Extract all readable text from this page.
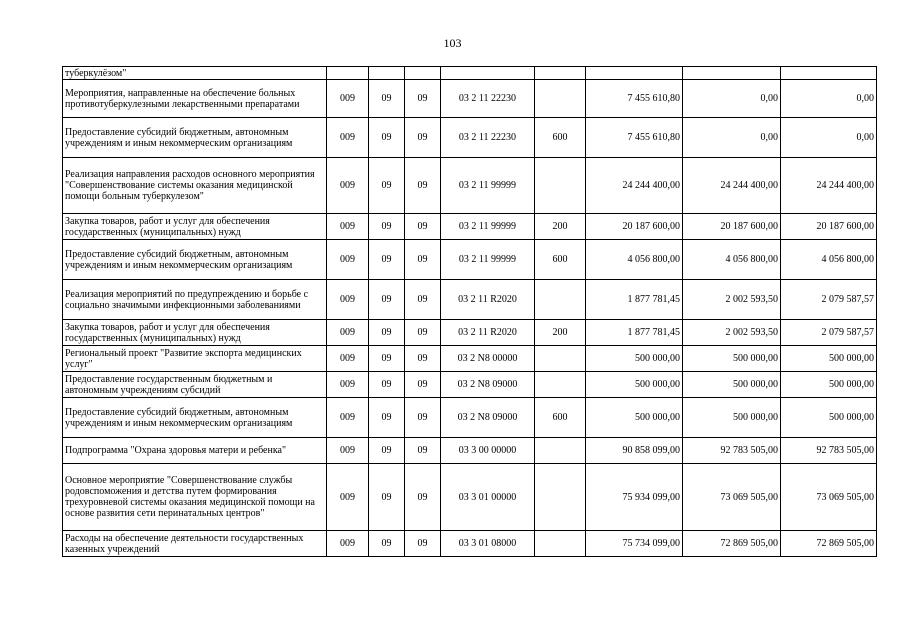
103
туберкулёзом"								
Мероприятия, направленные на обеспечение больных противотуберкулезными лекарственными препаратами	009	09	09	03 2 11 22230		7 455 610,80	0,00	0,00
Предоставление субсидий бюджетным, автономным учреждениям и иным некоммерческим организациям	009	09	09	03 2 11 22230	600	7 455 610,80	0,00	0,00
Реализация направления расходов основного мероприятия "Совершенствование системы оказания медицинской помощи больным туберкулезом"	009	09	09	03 2 11 99999		24 244 400,00	24 244 400,00	24 244 400,00
Закупка товаров, работ и услуг для обеспечения государственных (муниципальных) нужд	009	09	09	03 2 11 99999	200	20 187 600,00	20 187 600,00	20 187 600,00
Предоставление субсидий бюджетным, автономным учреждениям и иным некоммерческим организациям	009	09	09	03 2 11 99999	600	4 056 800,00	4 056 800,00	4 056 800,00
Реализация мероприятий по предупреждению и борьбе с социально значимыми инфекционными заболеваниями	009	09	09	03 2 11 R2020		1 877 781,45	2 002 593,50	2 079 587,57
Закупка товаров, работ и услуг для обеспечения государственных (муниципальных) нужд	009	09	09	03 2 11 R2020	200	1 877 781,45	2 002 593,50	2 079 587,57
Региональный проект "Развитие экспорта медицинских услуг"	009	09	09	03 2 N8 00000		500 000,00	500 000,00	500 000,00
Предоставление государственным бюджетным и автономным учреждениям субсидий	009	09	09	03 2 N8 09000		500 000,00	500 000,00	500 000,00
Предоставление субсидий бюджетным, автономным учреждениям и иным некоммерческим организациям	009	09	09	03 2 N8 09000	600	500 000,00	500 000,00	500 000,00
Подпрограмма "Охрана здоровья матери и ребенка"	009	09	09	03 3 00 00000		90 858 099,00	92 783 505,00	92 783 505,00
Основное мероприятие "Совершенствование службы родовспоможения и детства путем формирования трехуровневой системы оказания медицинской помощи на основе развития сети перинатальных центров"	009	09	09	03 3 01 00000		75 934 099,00	73 069 505,00	73 069 505,00
Расходы на обеспечение деятельности государственных казенных учреждений	009	09	09	03 3 01 08000		75 734 099,00	72 869 505,00	72 869 505,00
